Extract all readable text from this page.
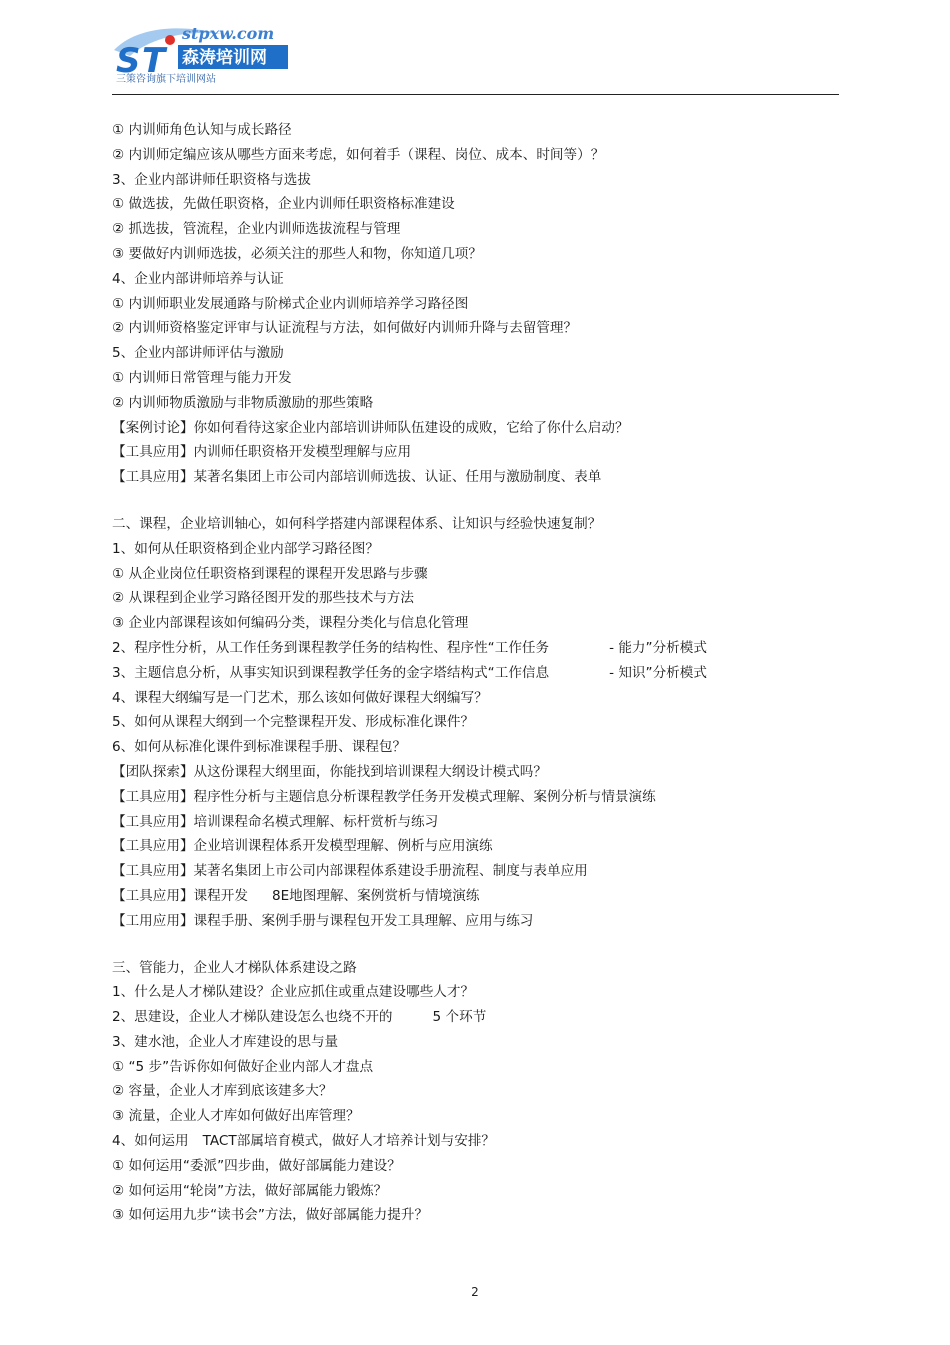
S T
stpxw.com
森涛培训网
三策咨询旗下培训网站
① 内训师角色认知与成长路径
② 内训师定编应该从哪些方面来考虑，如何着手（课程、岗位、成本、时间等）？
3、企业内部讲师任职资格与选拔
① 做选拔，先做任职资格，企业内训师任职资格标准建设
② 抓选拔，管流程，企业内训师选拔流程与管理
③ 要做好内训师选拔，必须关注的那些人和物，你知道几项？
4、企业内部讲师培养与认证
① 内训师职业发展通路与阶梯式企业内训师培养学习路径图
② 内训师资格鉴定评审与认证流程与方法，如何做好内训师升降与去留管理？
5、企业内部讲师评估与激励
① 内训师日常管理与能力开发
② 内训师物质激励与非物质激励的那些策略
【案例讨论】你如何看待这家企业内部培训讲师队伍建设的成败，它给了你什么启动？
【工具应用】内训师任职资格开发模型理解与应用
【工具应用】某著名集团上市公司内部培训师选拔、认证、任用与激励制度、表单
二、课程，企业培训轴心，如何科学搭建内部课程体系、让知识与经验快速复制？
1、如何从任职资格到企业内部学习路径图？
① 从企业岗位任职资格到课程的课程开发思路与步骤
② 从课程到企业学习路径图开发的那些技术与方法
③ 企业内部课程该如何编码分类，课程分类化与信息化管理
2、程序性分析，从工作任务到课程教学任务的结构性、程序性“工作任务	- 能力”分析模式
3、主题信息分析，从事实知识到课程教学任务的金字塔结构式“工作信息	- 知识”分析模式
4、课程大纲编写是一门艺术，那么该如何做好课程大纲编写？
5、如何从课程大纲到一个完整课程开发、形成标准化课件？
6、如何从标准化课件到标准课程手册、课程包？
【团队探索】从这份课程大纲里面，你能找到培训课程大纲设计模式吗？
【工具应用】程序性分析与主题信息分析课程教学任务开发模式理解、案例分析与情景演练
【工具应用】培训课程命名模式理解、标杆赏析与练习
【工具应用】企业培训课程体系开发模型理解、例析与应用演练
【工具应用】某著名集团上市公司内部课程体系建设手册流程、制度与表单应用
【工具应用】课程开发 8E地图理解、案例赏析与情境演练
【工用应用】课程手册、案例手册与课程包开发工具理解、应用与练习
三、管能力，企业人才梯队体系建设之路
1、什么是人才梯队建设？企业应抓住或重点建设哪些人才？
2、思建设，企业人才梯队建设怎么也绕不开的	5 个环节
3、建水池，企业人才库建设的思与量
① “5 步”告诉你如何做好企业内部人才盘点
② 容量，企业人才库到底该建多大？
③ 流量，企业人才库如何做好出库管理？
4、如何运用 TACT部属培育模式，做好人才培养计划与安排？
① 如何运用“委派”四步曲，做好部属能力建设？
② 如何运用“轮岗”方法，做好部属能力锻炼？
③ 如何运用九步“读书会”方法，做好部属能力提升？
2
